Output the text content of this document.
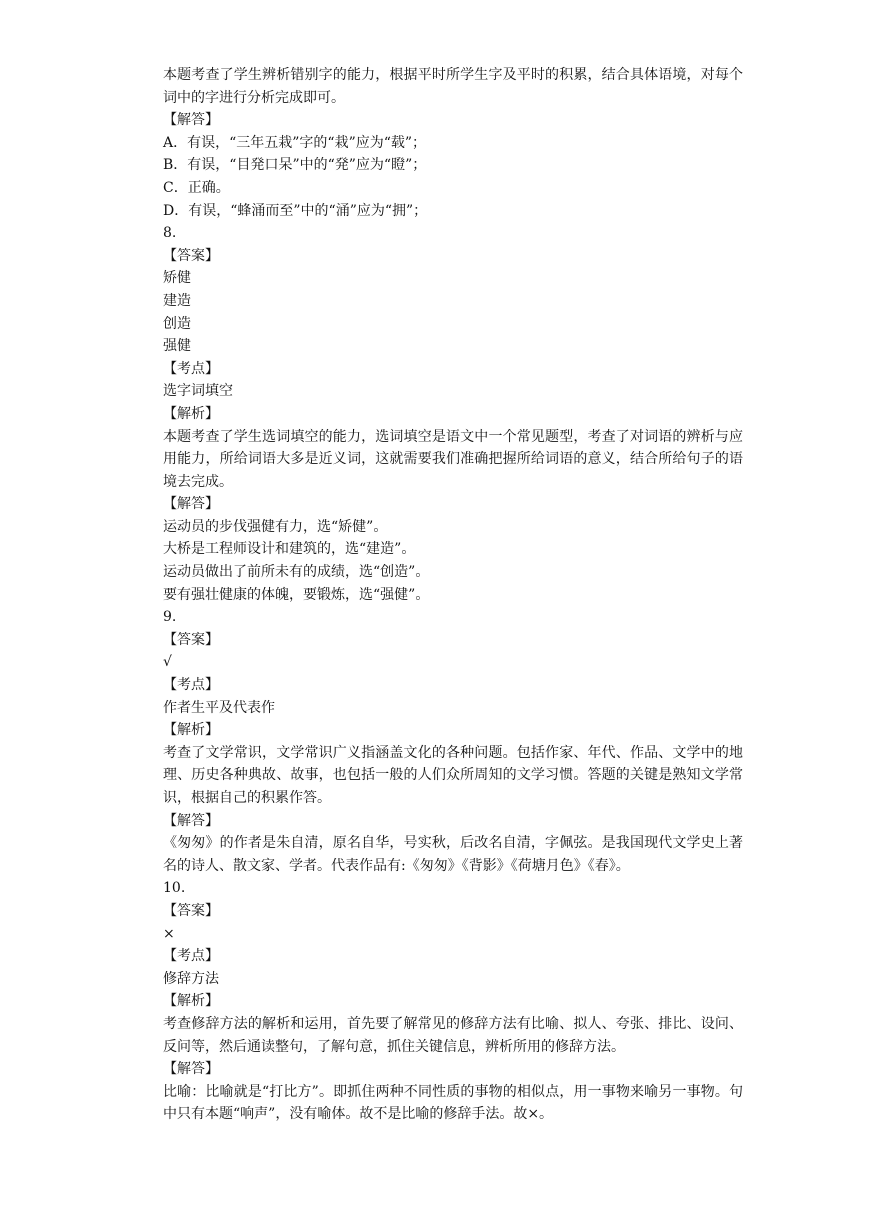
本题考查了学生辨析错别字的能力，根据平时所学生字及平时的积累，结合具体语境，对每个词中的字进行分析完成即可。
【解答】
A．有误，“三年五栽”字的“栽”应为“载”；
B．有误，“目発口呆”中的“発”应为“瞪”；
C．正确。
D．有误，“蜂涌而至”中的“涌”应为“拥”；
8.
【答案】
矫健
建造
创造
强健
【考点】
选字词填空
【解析】
本题考查了学生选词填空的能力，选词填空是语文中一个常见题型，考查了对词语的辨析与应用能力，所给词语大多是近义词，这就需要我们准确把握所给词语的意义，结合所给句子的语境去完成。
【解答】
运动员的步伐强健有力，选“矫健”。
大桥是工程师设计和建筑的，选“建造”。
运动员做出了前所未有的成绩，选“创造”。
要有强壮健康的体魄，要锻炼，选“强健”。
9.
【答案】
√
【考点】
作者生平及代表作
【解析】
考查了文学常识，文学常识广义指涵盖文化的各种问题。包括作家、年代、作品、文学中的地理、历史各种典故、故事，也包括一般的人们众所周知的文学习惯。答题的关键是熟知文学常识，根据自己的积累作答。
【解答】
《匆匆》的作者是朱自清，原名自华，号实秋，后改名自清，字佩弦。是我国现代文学史上著名的诗人、散文家、学者。代表作品有:《匆匆》《背影》《荷塘月色》《春》。
10.
【答案】
×
【考点】
修辞方法
【解析】
考查修辞方法的解析和运用，首先要了解常见的修辞方法有比喻、拟人、夸张、排比、设问、反问等，然后通读整句，了解句意，抓住关键信息，辨析所用的修辞方法。
【解答】
比喻：比喻就是“打比方”。即抓住两种不同性质的事物的相似点，用一事物来喻另一事物。句中只有本题“响声”，没有喻体。故不是比喻的修辞手法。故×。
